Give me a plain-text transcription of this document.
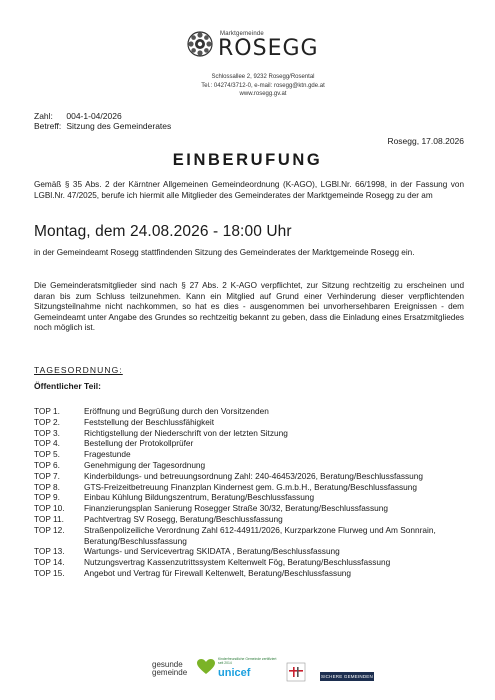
Marktgemeinde
ROSEGG
Schlossallee 2, 9232 Rosegg/Rosental
Tel.: 04274/3712-0, e-mail: rosegg@ktn.gde.at
www.rosegg.gv.at
Zahl: 004-1-04/2026
Betreff: Sitzung des Gemeinderates
Rosegg, 17.08.2026
EINBERUFUNG
Gemäß § 35 Abs. 2 der Kärntner Allgemeinen Gemeindeordnung (K-AGO), LGBl.Nr. 66/1998, in der Fassung von LGBl.Nr. 47/2025, berufe ich hiermit alle Mitglieder des Gemeinderates der Marktgemeinde Rosegg zu der am
Montag, dem 24.08.2026 - 18:00 Uhr
in der Gemeindeamt Rosegg stattfindenden Sitzung des Gemeinderates der Marktgemeinde Rosegg ein.
Die Gemeinderatsmitglieder sind nach § 27 Abs. 2 K-AGO verpflichtet, zur Sitzung rechtzeitig zu erscheinen und daran bis zum Schluss teilzunehmen. Kann ein Mitglied auf Grund einer Verhinderung dieser verpflichtenden Sitzungsteilnahme nicht nachkommen, so hat es dies - ausgenommen bei unvorhersehbaren Ereignissen - dem Gemeindeamt unter Angabe des Grundes so rechtzeitig bekannt zu geben, dass die Einladung eines Ersatzmitgliedes noch möglich ist.
TAGESORDNUNG:
Öffentlicher Teil:
TOP 1.	Eröffnung und Begrüßung durch den Vorsitzenden
TOP 2.	Feststellung der Beschlussfähigkeit
TOP 3.	Richtigstellung der Niederschrift von der letzten Sitzung
TOP 4.	Bestellung der Protokollprüfer
TOP 5.	Fragestunde
TOP 6.	Genehmigung der Tagesordnung
TOP 7.	Kinderbildungs- und betreuungsordnung Zahl: 240-46453/2026, Beratung/Beschlussfassung
TOP 8.	GTS-Freizeitbetreuung Finanzplan Kindernest gem. G.m.b.H., Beratung/Beschlussfassung
TOP 9.	Einbau Kühlung Bildungszentrum, Beratung/Beschlussfassung
TOP 10.	Finanzierungsplan Sanierung Rosegger Straße 30/32, Beratung/Beschlussfassung
TOP 11.	Pachtvertrag SV Rosegg, Beratung/Beschlussfassung
TOP 12.	Straßenpolizeiliche Verordnung Zahl 612-44911/2026, Kurzparkzone Flurweg und Am Sonnrain, Beratung/Beschlussfassung
TOP 13.	Wartungs- und Servicevertrag SKIDATA , Beratung/Beschlussfassung
TOP 14.	Nutzungsvertrag Kassenzutrittssystem Keltenwelt Fög, Beratung/Beschlussfassung
TOP 15.	Angebot und Vertrag für Firewall Keltenwelt, Beratung/Beschlussfassung
gesunde
gemeinde
Kinderfreundliche Gemeinde zertifiziert seit 2014
unicef	SICHERE GEMEINDEN
